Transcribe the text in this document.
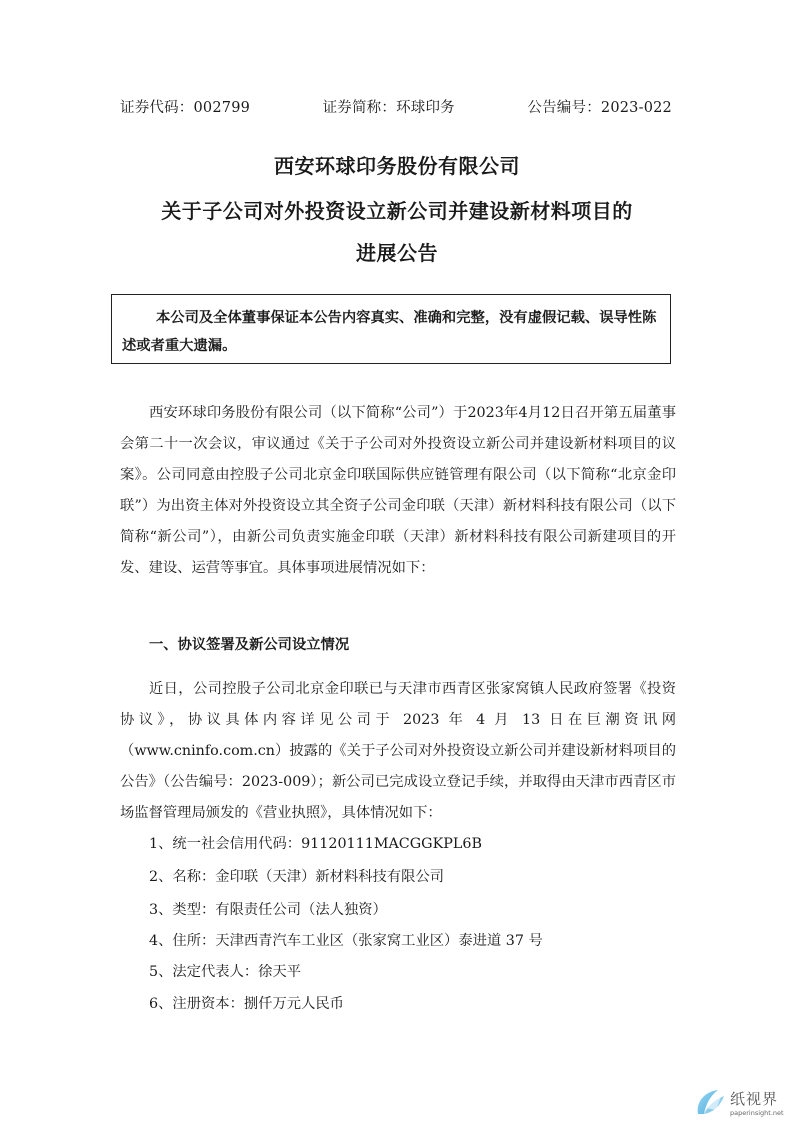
证券代码：002799	证券简称：环球印务	公告编号：2023-022
西安环球印务股份有限公司
关于子公司对外投资设立新公司并建设新材料项目的
进展公告
本公司及全体董事保证本公告内容真实、准确和完整，没有虚假记载、误导性陈述或者重大遗漏。
西安环球印务股份有限公司（以下简称“公司”）于2023年4月12日召开第五届董事会第二十一次会议，审议通过《关于子公司对外投资设立新公司并建设新材料项目的议案》。公司同意由控股子公司北京金印联国际供应链管理有限公司（以下简称“北京金印联”）为出资主体对外投资设立其全资子公司金印联（天津）新材料科技有限公司（以下简称“新公司”），由新公司负责实施金印联（天津）新材料科技有限公司新建项目的开发、建设、运营等事宜。具体事项进展情况如下：
一、协议签署及新公司设立情况
近日，公司控股子公司北京金印联已与天津市西青区张家窝镇人民政府签署《投资协议》，协议具体内容详见公司于 2023 年 4 月 13 日在巨潮资讯网（www.cninfo.com.cn）披露的《关于子公司对外投资设立新公司并建设新材料项目的公告》（公告编号：2023-009）；新公司已完成设立登记手续，并取得由天津市西青区市场监督管理局颁发的《营业执照》，具体情况如下：
1、统一社会信用代码：91120111MACGGKPL6B
2、名称：金印联（天津）新材料科技有限公司
3、类型：有限责任公司（法人独资）
4、住所：天津西青汽车工业区（张家窝工业区）泰进道 37 号
5、法定代表人：徐天平
6、注册资本：捌仟万元人民币
纸视界
paperinsight.net
